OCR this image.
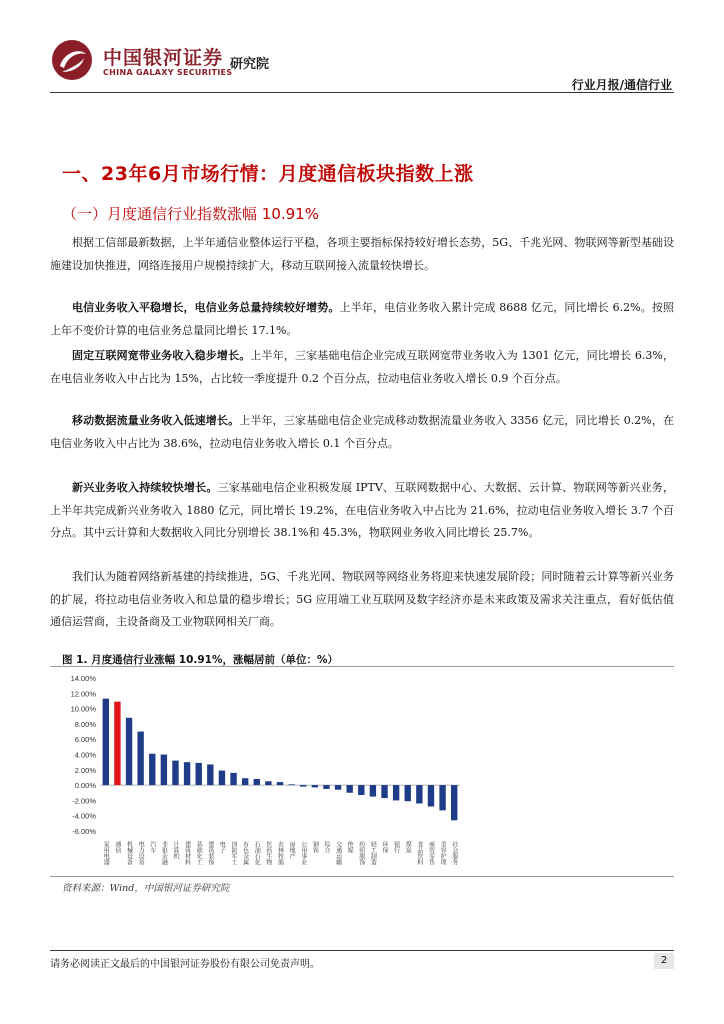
中国银河证券
CHINA GALAXY SECURITIES
研究院
行业月报/通信行业
一、23年6月市场行情：月度通信板块指数上涨
（一）月度通信行业指数涨幅 10.91%
根据工信部最新数据，上半年通信业整体运行平稳，各项主要指标保持较好增长态势，5G、千兆光网、物联网等新型基础设施建设加快推进，网络连接用户规模持续扩大，移动互联网接入流量较快增长。
电信业务收入平稳增长，电信业务总量持续较好增势。上半年，电信业务收入累计完成 8688 亿元，同比增长 6.2%。按照上年不变价计算的电信业务总量同比增长 17.1%。
固定互联网宽带业务收入稳步增长。上半年，三家基础电信企业完成互联网宽带业务收入为 1301 亿元，同比增长 6.3%，在电信业务收入中占比为 15%，占比较一季度提升 0.2 个百分点，拉动电信业务收入增长 0.9 个百分点。
移动数据流量业务收入低速增长。上半年，三家基础电信企业完成移动数据流量业务收入 3356 亿元，同比增长 0.2%，在电信业务收入中占比为 38.6%，拉动电信业务收入增长 0.1 个百分点。
新兴业务收入持续较快增长。三家基础电信企业积极发展 IPTV、互联网数据中心、大数据、云计算、物联网等新兴业务，上半年共完成新兴业务收入 1880 亿元，同比增长 19.2%，在电信业务收入中占比为 21.6%，拉动电信业务收入增长 3.7 个百分点。其中云计算和大数据收入同比分别增长 38.1%和 45.3%，物联网业务收入同比增长 25.7%。
我们认为随着网络新基建的持续推进，5G、千兆光网、物联网等网络业务将迎来快速发展阶段；同时随着云计算等新兴业务的扩展，将拉动电信业务收入和总量的稳步增长；5G 应用端工业互联网及数字经济亦是未来政策及需求关注重点，看好低估值通信运营商，主设备商及工业物联网相关厂商。
图 1. 月度通信行业涨幅 10.91%，涨幅居前（单位：%）
14.00%
12.00%
10.00%
8.00%
6.00%
4.00%
2.00%
0.00%
-2.00%
-4.00%
-6.00%
家用电器 通信 机械设备 电力设备 汽车 非银金融 计算机 建筑材料 基础化工 建筑装饰 电子 国防军工 有色金属 石油石化 医药生物 农林牧渔 房地产 公用事业 钢铁 综合 交通运输 传媒 纺织服饰 轻工制造 环保 银行 煤炭 食品饮料 商贸零售 美容护理 社会服务
资料来源：Wind，中国银河证券研究院
请务必阅读正文最后的中国银河证券股份有限公司免责声明。	2
